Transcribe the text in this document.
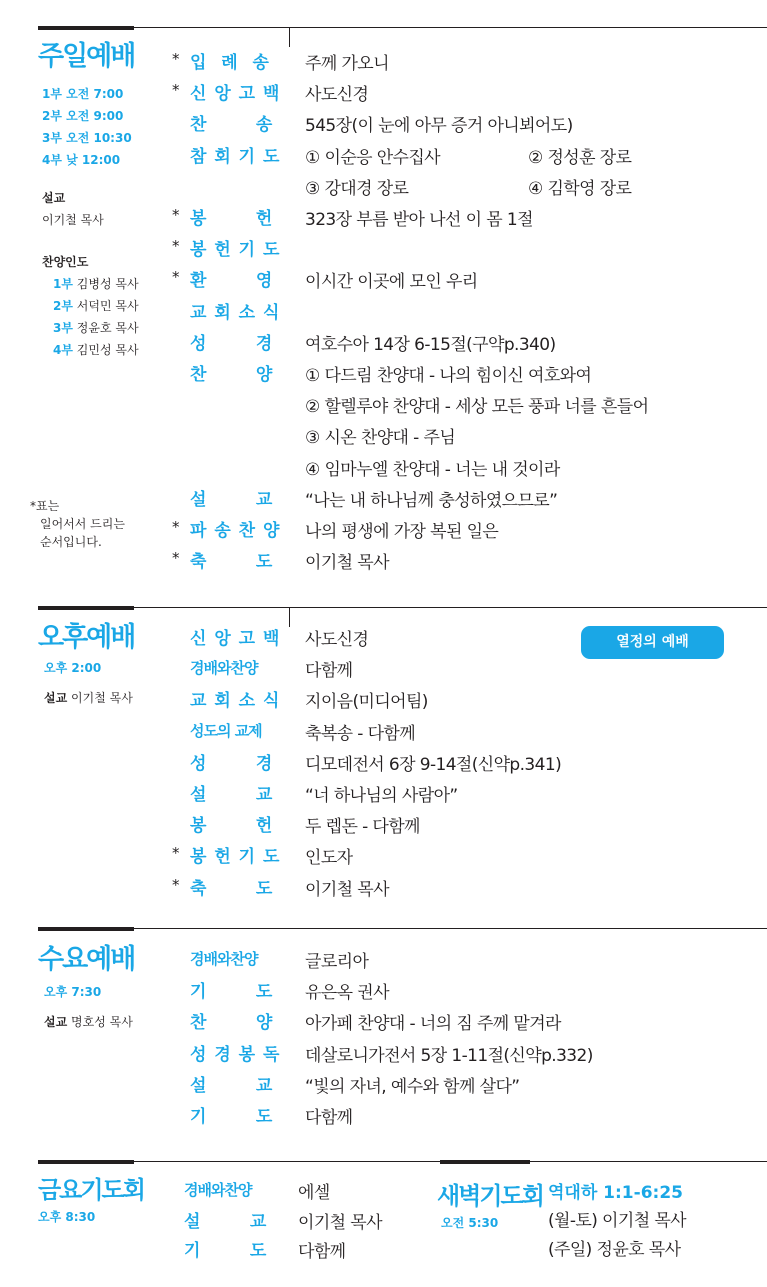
주일예배
1부 오전 7:00
2부 오전 9:00
3부 오전 10:30
4부 낮 12:00
설교
이기철 목사
찬양인도
1부 김병성 목사
2부 서덕민 목사
3부 정윤호 목사
4부 김민성 목사
*표는
일어서서 드리는
순서입니다.
* 입  례  송 주께 가오니
* 신 앙 고 백 사도신경
찬       송 545장(이 눈에 아무 증거 아니뵈어도)
참 회 기 도 ① 이순응 안수집사	② 정성훈 장로
③ 강대경 장로	④ 김학영 장로
* 봉       헌 323장 부름 받아 나선 이 몸 1절
* 봉 헌 기 도
* 환       영 이시간 이곳에 모인 우리
교 회 소 식
성       경 여호수아 14장 6-15절(구약p.340)
찬       양 ① 다드림 찬양대 - 나의 힘이신 여호와여
② 할렐루야 찬양대 - 세상 모든 풍파 너를 흔들어
③ 시온 찬양대 - 주님
④ 임마누엘 찬양대 - 너는 내 것이라
설       교 “나는 내 하나님께 충성하였으므로”
* 파 송 찬 양 나의 평생에 가장 복된 일은
* 축       도 이기철 목사
오후예배
오후 2:00
설교 이기철 목사
열정의 예배
신 앙 고 백 사도신경
경배와찬양	다함께
교 회 소 식 지이음(미디어팀)
성도의 교제	축복송 - 다함께
성       경 디모데전서 6장 9-14절(신약p.341)
설       교 “너 하나님의 사람아”
봉       헌 두 렙돈 - 다함께
* 봉 헌 기 도 인도자
* 축       도 이기철 목사
수요예배
오후 7:30
설교 명호성 목사
경배와찬양	글로리아
기       도 유은옥 권사
찬       양 아가페 찬양대 - 너의 짐 주께 맡겨라
성 경 봉 독 데살로니가전서 5장 1-11절(신약p.332)
설       교 “빛의 자녀, 예수와 함께 살다”
기       도 다함께
금요기도회
오후 8:30
경배와찬양	에셀
설       교 이기철 목사
기       도 다함께
새벽기도회
오전 5:30
역대하 1:1-6:25
(월-토) 이기철 목사
(주일) 정윤호 목사
